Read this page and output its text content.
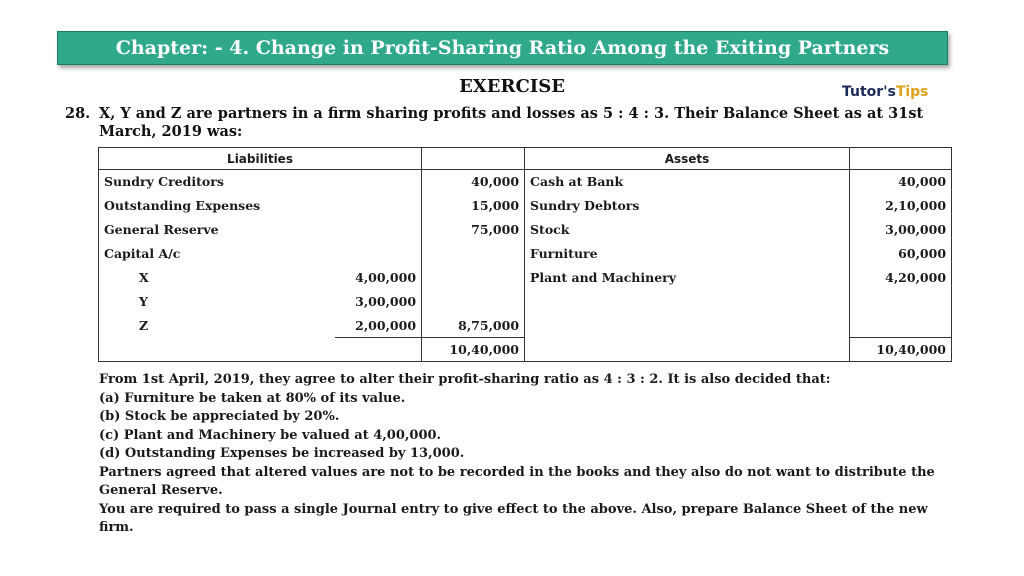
Chapter: - 4. Change in Profit-Sharing Ratio Among the Exiting Partners
EXERCISE	Tutor's Tips
28. X, Y and Z are partners in a firm sharing profits and losses as 5 : 4 : 3. Their Balance Sheet as at 31st March, 2019 was:
Liabilities			Assets	
Sundry Creditors		40,000	Cash at Bank	40,000
Outstanding Expenses		15,000	Sundry Debtors	2,10,000
General Reserve		75,000	Stock	3,00,000
Capital A/c			Furniture	60,000
X	4,00,000		Plant and Machinery	4,20,000
Y	3,00,000			
Z	2,00,000	8,75,000		
		10,40,000		10,40,000

From 1st April, 2019, they agree to alter their profit-sharing ratio as 4 : 3 : 2. It is also decided that:

(a) Furniture be taken at 80% of its value.

(b) Stock be appreciated by 20%.

(c) Plant and Machinery be valued at 4,00,000.

(d) Outstanding Expenses be increased by 13,000.

Partners agreed that altered values are not to be recorded in the books and they also do not want to distribute the General Reserve.

You are required to pass a single Journal entry to give effect to the above. Also, prepare Balance Sheet of the new firm.
